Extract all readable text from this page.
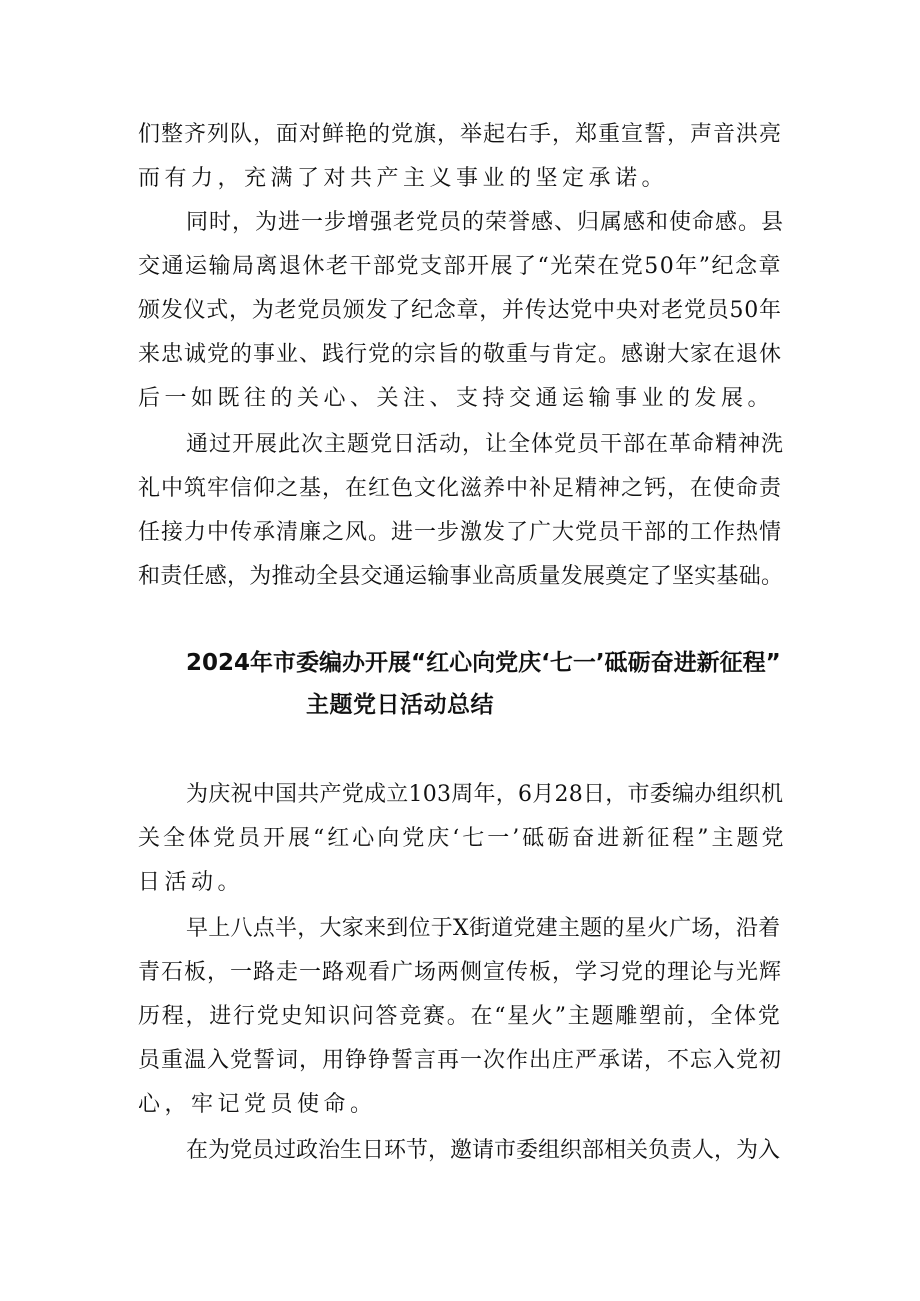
们整齐列队，面对鲜艳的党旗，举起右手，郑重宣誓，声音洪亮
而有力，充满了对共产主义事业的坚定承诺。
同时，为进一步增强老党员的荣誉感、归属感和使命感。县
交通运输局离退休老干部党支部开展了“光荣在党50年”纪念章
颁发仪式，为老党员颁发了纪念章，并传达党中央对老党员50年
来忠诚党的事业、践行党的宗旨的敬重与肯定。感谢大家在退休
后一如既往的关心、关注、支持交通运输事业的发展。
通过开展此次主题党日活动，让全体党员干部在革命精神洗
礼中筑牢信仰之基，在红色文化滋养中补足精神之钙，在使命责
任接力中传承清廉之风。进一步激发了广大党员干部的工作热情
和责任感，为推动全县交通运输事业高质量发展奠定了坚实基础。
2024年市委编办开展“红心向党庆‘七一’砥砺奋进新征程”
主题党日活动总结
为庆祝中国共产党成立103周年，6月28日，市委编办组织机
关全体党员开展“红心向党庆‘七一’砥砺奋进新征程”主题党
日活动。
早上八点半，大家来到位于X街道党建主题的星火广场，沿着
青石板，一路走一路观看广场两侧宣传板，学习党的理论与光辉
历程，进行党史知识问答竞赛。在“星火”主题雕塑前，全体党
员重温入党誓词，用铮铮誓言再一次作出庄严承诺，不忘入党初
心，牢记党员使命。
在为党员过政治生日环节，邀请市委组织部相关负责人，为入
